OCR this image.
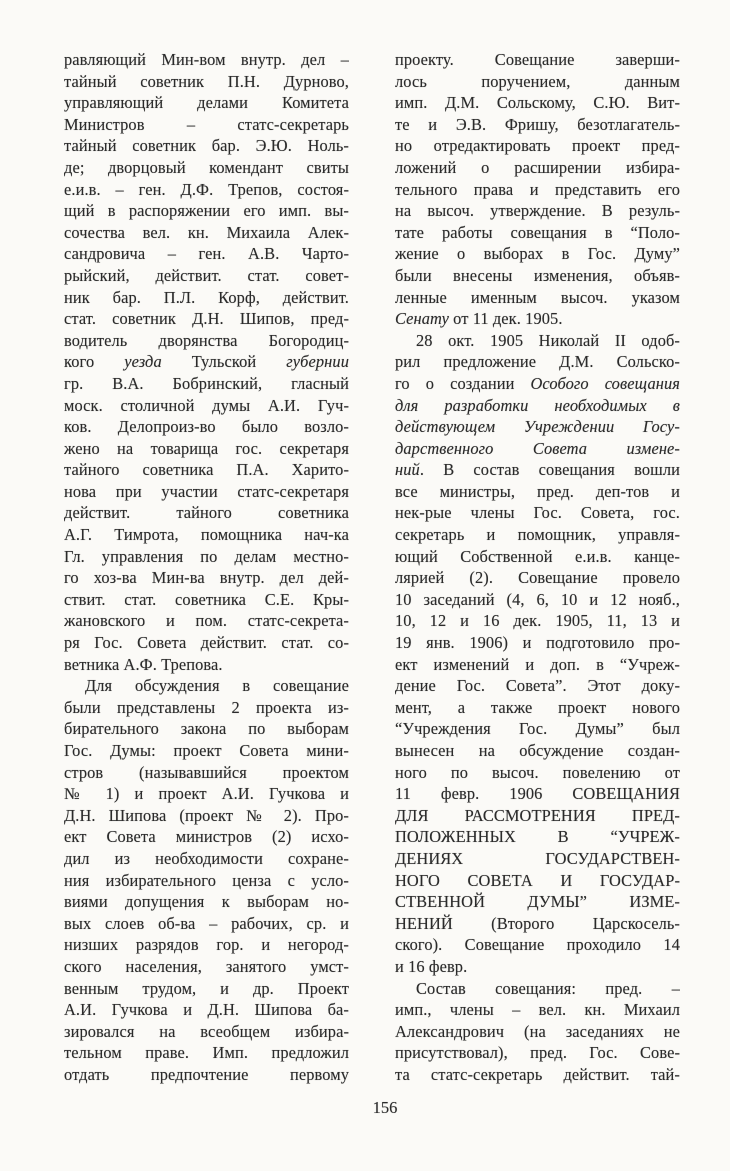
равляющий Мин-вом внутр. дел –
тайный советник П.Н. Дурново,
управляющий делами Комитета
Министров – статс-секретарь
тайный советник бар. Э.Ю. Ноль-
де; дворцовый комендант свиты
е.и.в. – ген. Д.Ф. Трепов, состоя-
щий в распоряжении его имп. вы-
сочества вел. кн. Михаила Алек-
сандровича – ген. А.В. Чарто-
рыйский, действит. стат. совет-
ник бар. П.Л. Корф, действит.
стат. советник Д.Н. Шипов, пред-
водитель дворянства Богородиц-
кого уезда Тульской губернии
гр. В.А. Бобринский, гласный
моск. столичной думы А.И. Гуч-
ков. Делопроиз-во было возло-
жено на товарища гос. секретаря
тайного советника П.А. Харито-
нова при участии статс-секретаря
действит. тайного советника
А.Г. Тимрота, помощника нач-ка
Гл. управления по делам местно-
го хоз-ва Мин-ва внутр. дел дей-
ствит. стат. советника С.Е. Кры-
жановского и пом. статс-секрета-
ря Гос. Совета действит. стат. со-
ветника А.Ф. Трепова.
Для обсуждения в совещание
были представлены 2 проекта из-
бирательного закона по выборам
Гос. Думы: проект Совета мини-
стров (называвшийся проектом
№ 1) и проект А.И. Гучкова и
Д.Н. Шипова (проект № 2). Про-
ект Совета министров (2) исхо-
дил из необходимости сохране-
ния избирательного ценза с усло-
виями допущения к выборам но-
вых слоев об-ва – рабочих, ср. и
низших разрядов гор. и негород-
ского населения, занятого умст-
венным трудом, и др. Проект
А.И. Гучкова и Д.Н. Шипова ба-
зировался на всеобщем избира-
тельном праве. Имп. предложил
отдать предпочтение первому
проекту. Совещание заверши-
лось поручением, данным
имп. Д.М. Сольскому, С.Ю. Вит-
те и Э.В. Фришу, безотлагатель-
но отредактировать проект пред-
ложений о расширении избира-
тельного права и представить его
на высоч. утверждение. В резуль-
тате работы совещания в “Поло-
жение о выборах в Гос. Думу”
были внесены изменения, объяв-
ленные именным высоч. указом
Сенату от 11 дек. 1905.
28 окт. 1905 Николай II одоб-
рил предложение Д.М. Сольско-
го о создании Особого совещания
для разработки необходимых в
действующем Учреждении Госу-
дарственного Совета измене-
ний. В состав совещания вошли
все министры, пред. деп-тов и
нек-рые члены Гос. Совета, гос.
секретарь и помощник, управля-
ющий Собственной е.и.в. канце-
лярией (2). Совещание провело
10 заседаний (4, 6, 10 и 12 нояб.,
10, 12 и 16 дек. 1905, 11, 13 и
19 янв. 1906) и подготовило про-
ект изменений и доп. в “Учреж-
дение Гос. Совета”. Этот доку-
мент, а также проект нового
“Учреждения Гос. Думы” был
вынесен на обсуждение создан-
ного по высоч. повелению от
11 февр. 1906 СОВЕЩАНИЯ
ДЛЯ РАССМОТРЕНИЯ ПРЕД-
ПОЛОЖЕННЫХ В “УЧРЕЖ-
ДЕНИЯХ ГОСУДАРСТВЕН-
НОГО СОВЕТА И ГОСУДАР-
СТВЕННОЙ ДУМЫ” ИЗМЕ-
НЕНИЙ (Второго Царскосель-
ского). Совещание проходило 14
и 16 февр.
Состав совещания: пред. –
имп., члены – вел. кн. Михаил
Александрович (на заседаниях не
присутствовал), пред. Гос. Сове-
та статс-секретарь действит. тай-
156
